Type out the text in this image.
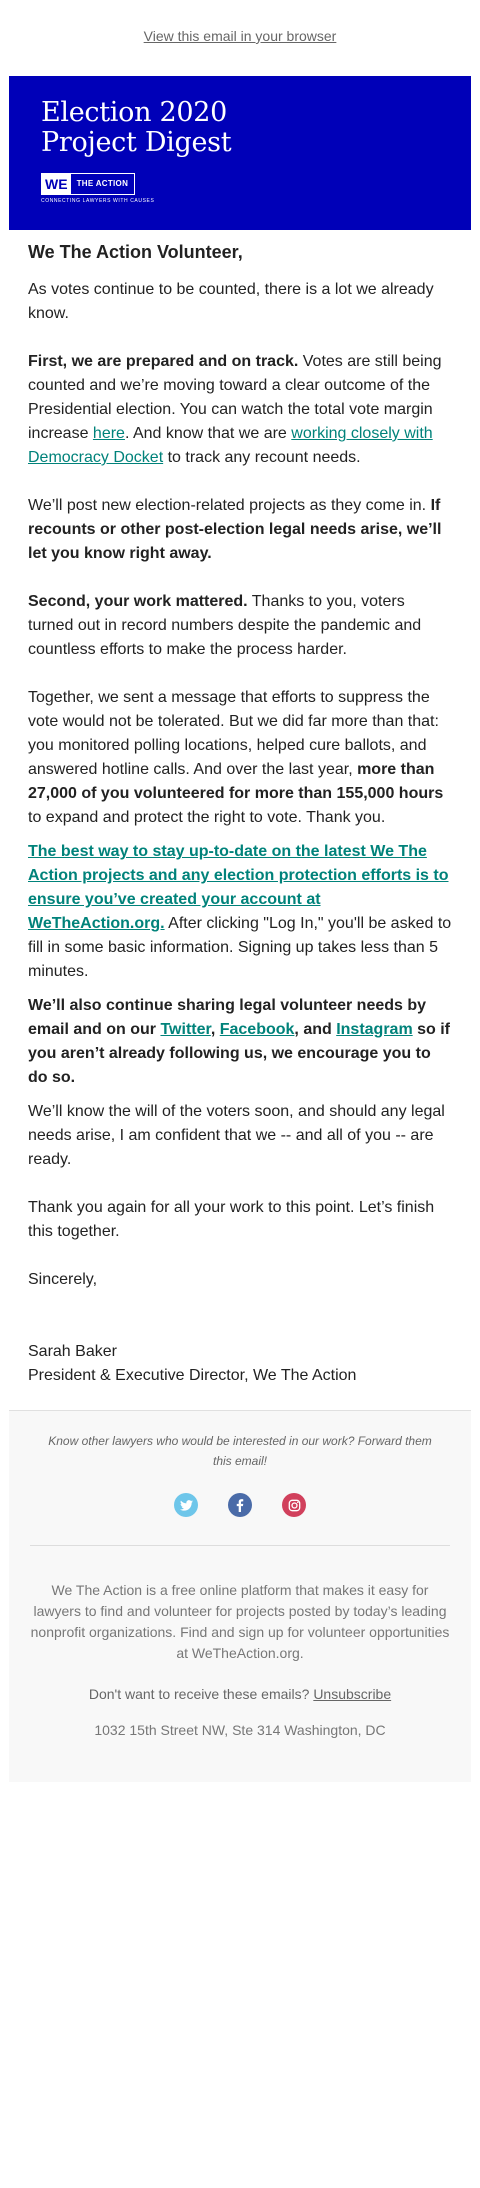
View this email in your browser
Election 2020
Project Digest
WE	THE ACTION
CONNECTING LAWYERS WITH CAUSES

We The Action Volunteer,

As votes continue to be counted, there is a lot we already know.

First, we are prepared and on track. Votes are still being counted and we’re moving toward a clear outcome of the Presidential election. You can watch the total vote margin increase here. And know that we are working closely with Democracy Docket to track any recount needs.

We’ll post new election-related projects as they come in. If recounts or other post-election legal needs arise, we’ll let you know right away.

Second, your work mattered. Thanks to you, voters turned out in record numbers despite the pandemic and countless efforts to make the process harder.

Together, we sent a message that efforts to suppress the vote would not be tolerated. But we did far more than that: you monitored polling locations, helped cure ballots, and answered hotline calls. And over the last year, more than 27,000 of you volunteered for more than 155,000 hours to expand and protect the right to vote. Thank you.

The best way to stay up-to-date on the latest We The Action projects and any election protection efforts is to ensure you’ve created your account at WeTheAction.org. After clicking "Log In," you'll be asked to fill in some basic information. Signing up takes less than 5 minutes.

We’ll also continue sharing legal volunteer needs by email and on our Twitter, Facebook, and Instagram so if you aren’t already following us, we encourage you to do so.

We’ll know the will of the voters soon, and should any legal needs arise, I am confident that we -- and all of you -- are ready.

Thank you again for all your work to this point. Let’s finish this together.

Sincerely,

Sarah Baker

President & Executive Director, We The Action

Know other lawyers who would be interested in our work? Forward them this email!
We The Action is a free online platform that makes it easy for lawyers to find and volunteer for projects posted by today’s leading nonprofit organizations. Find and sign up for volunteer opportunities at WeTheAction.org.
Don't want to receive these emails? Unsubscribe
1032 15th Street NW, Ste 314 Washington, DC
